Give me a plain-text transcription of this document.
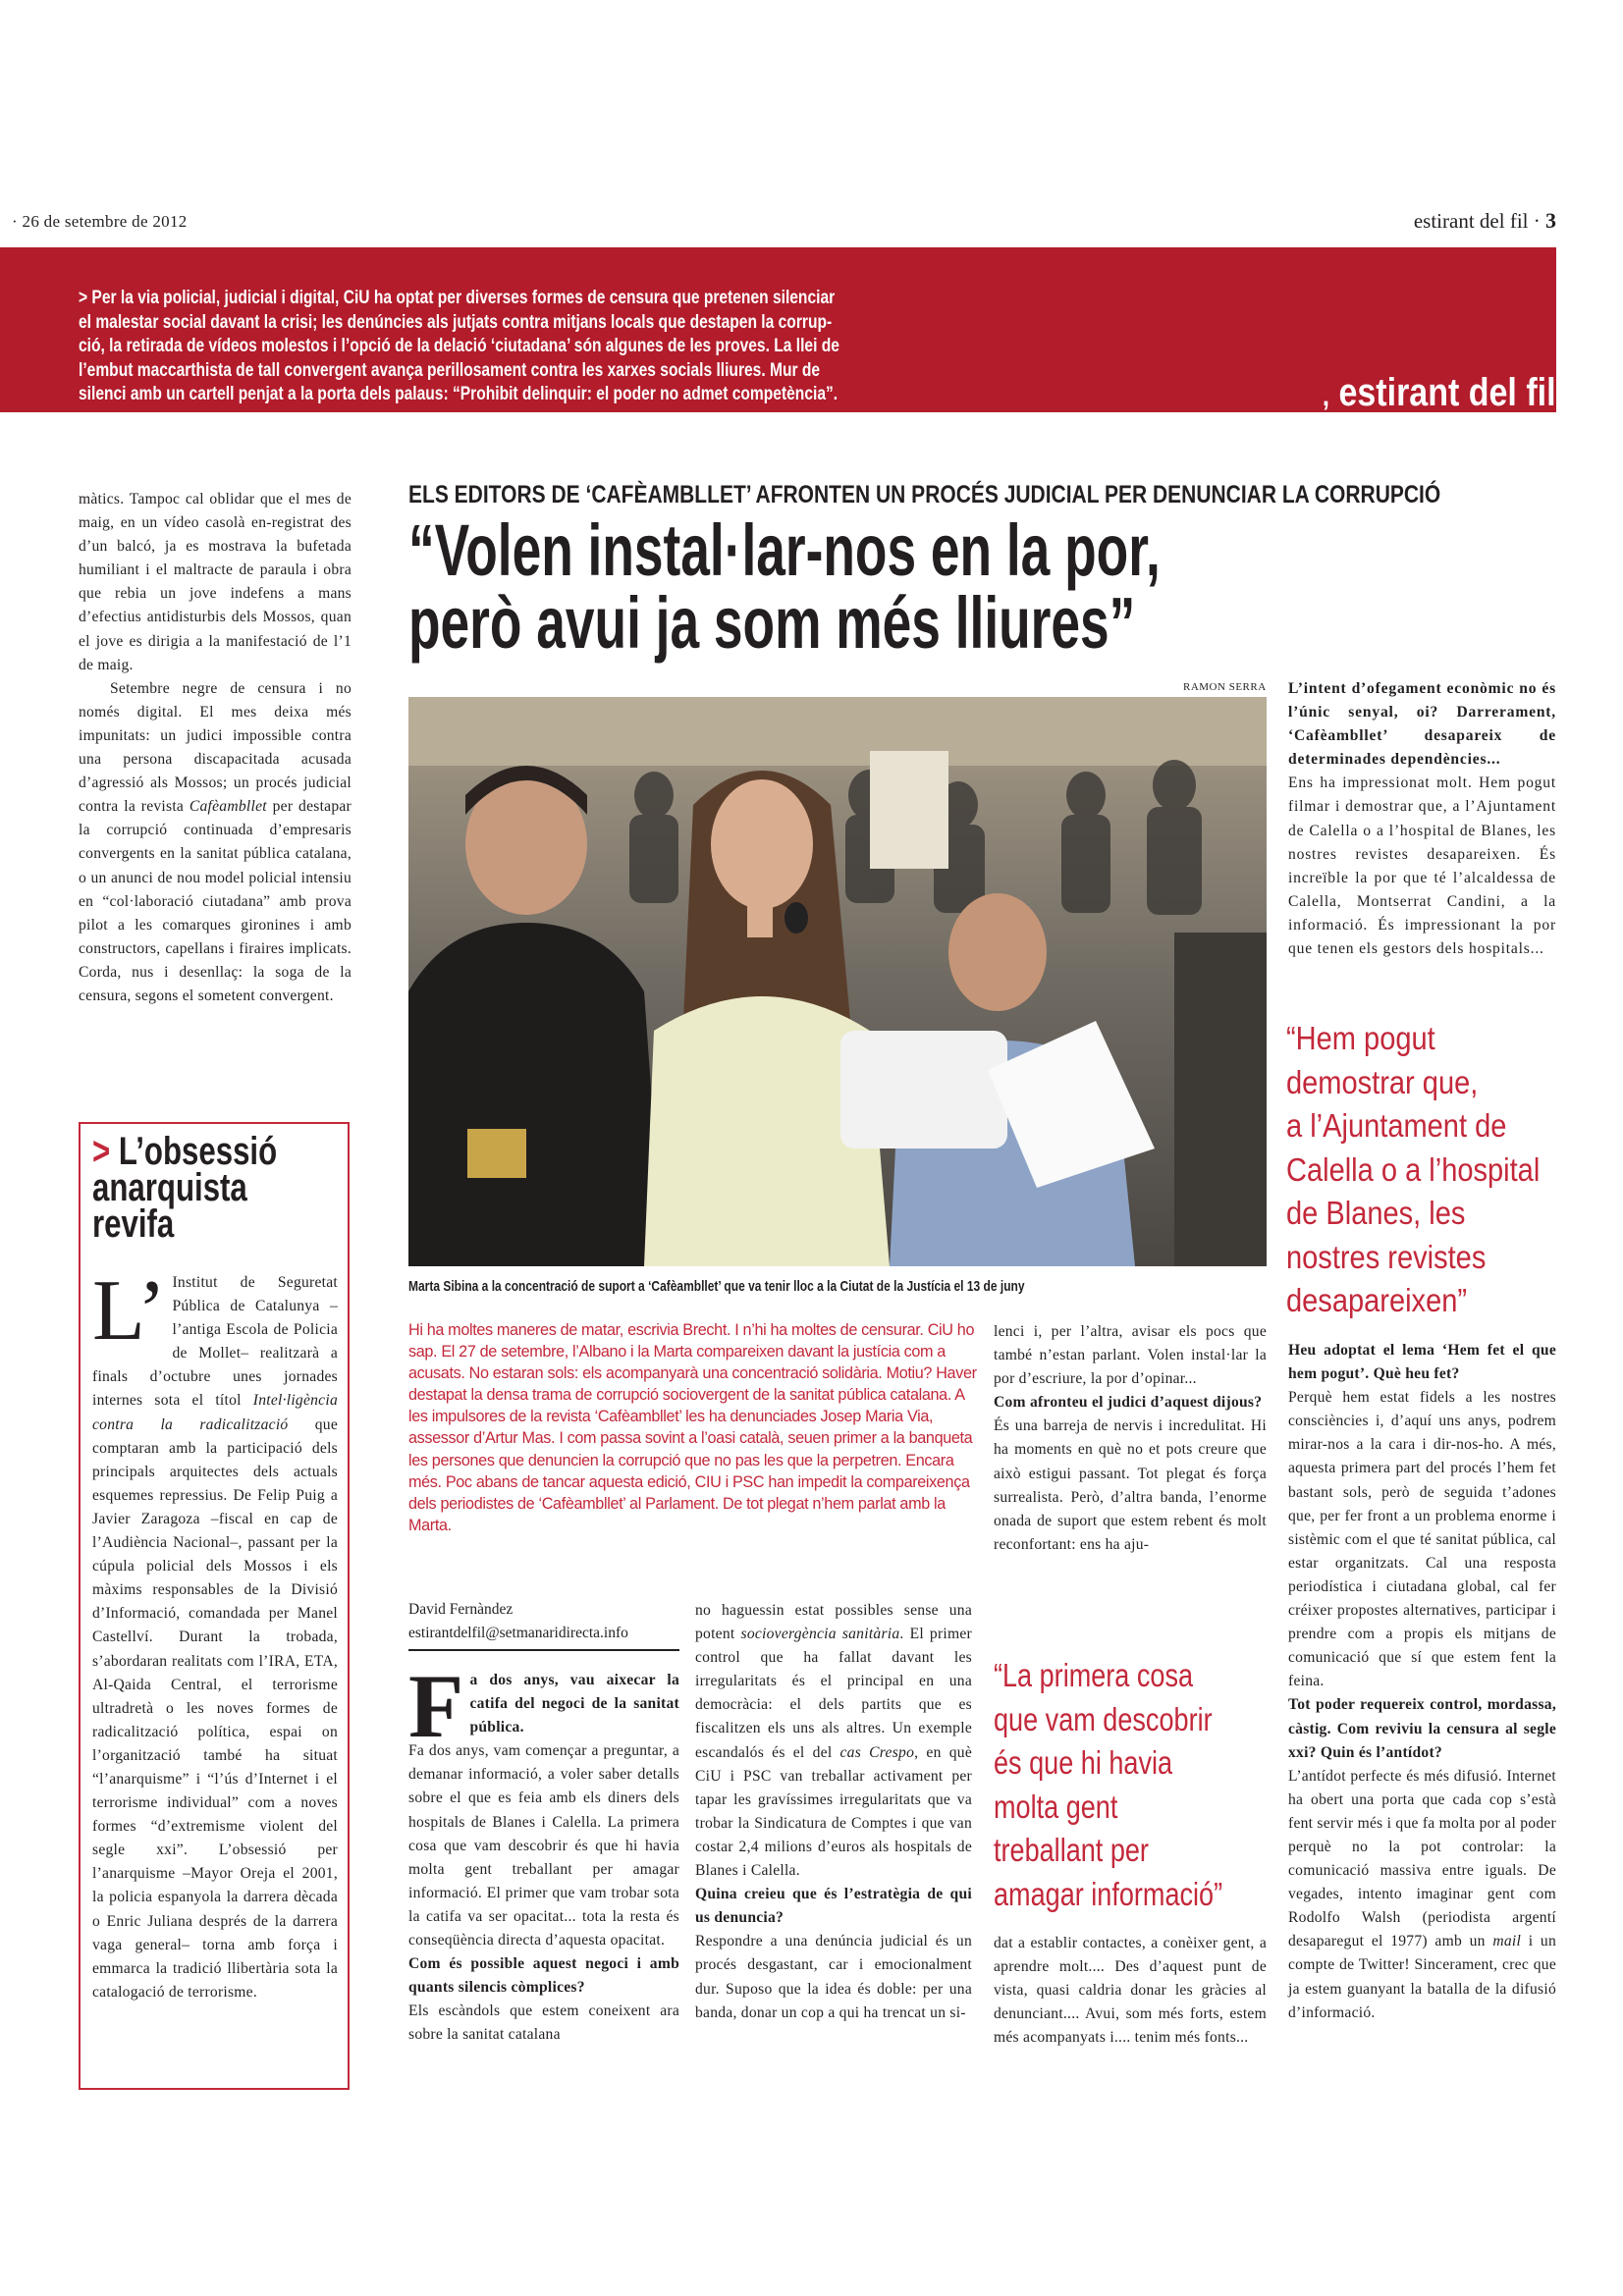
· 26 de setembre de 2012	estirant del fil · 3
> Per la via policial, judicial i digital, CiU ha optat per diverses formes de censura que pretenen silenciar
el malestar social davant la crisi; les denúncies als jutjats contra mitjans locals que destapen la corrup-
ció, la retirada de vídeos molestos i l’opció de la delació ‘ciutadana’ són algunes de les proves. La llei de
l’embut maccarthista de tall convergent avança perillosament contra les xarxes socials lliures. Mur de
silenci amb un cartell penjat a la porta dels palaus: “Prohibit delinquir: el poder no admet competència”.	, estirant del fil

màtics. Tampoc cal oblidar que el mes de maig, en un vídeo casolà en-registrat des d’un balcó, ja es mostrava la bufetada humiliant i el maltracte de paraula i obra que rebia un jove indefens a mans d’efectius antidisturbis dels Mossos, quan el jove es dirigia a la manifestació de l’1 de maig.

Setembre negre de censura i no només digital. El mes deixa més impunitats: un judici impossible contra una persona discapacitada acusada d’agressió als Mossos; un procés judicial contra la revista Cafèambllet per destapar la corrupció continuada d’empresaris convergents en la sanitat pública catalana, o un anunci de nou model policial intensiu en “col·laboració ciutadana” amb prova pilot a les comarques gironines i amb constructors, capellans i firaires implicats. Corda, nus i desenllaç: la soga de la censura, segons el sometent convergent.

> L’obsessió
anarquista
revifa
L’ Institut de Seguretat Pública de Catalunya –l’antiga Escola de Policia de Mollet– realitzarà a finals d’octubre unes jornades internes sota el títol Intel·ligència contra la radicalització que comptaran amb la participació dels principals arquitectes dels actuals esquemes repressius. De Felip Puig a Javier Zaragoza –fiscal en cap de l’Audiència Nacional–, passant per la cúpula policial dels Mossos i els màxims responsables de la Divisió d’Informació, comandada per Manel Castellví. Durant la trobada, s’abordaran realitats com l’IRA, ETA, Al-Qaida Central, el terrorisme ultradretà o les noves formes de radicalització política, espai on l’organització també ha situat “l’anarquisme” i “l’ús d’Internet i el terrorisme individual” com a noves formes “d’extremisme violent del segle xxi”. L’obsessió per l’anarquisme –Mayor Oreja el 2001, la policia espanyola la darrera dècada o Enric Juliana després de la darrera vaga general– torna amb força i emmarca la tradició llibertària sota la catalogació de terrorisme.

ELS EDITORS DE ‘CAFÈAMBLLET’ AFRONTEN UN PROCÉS JUDICIAL PER DENUNCIAR LA CORRUPCIÓ
“Volen instal·lar-nos en la por,
però avui ja som més lliures”
RAMON SERRA
Marta Sibina a la concentració de suport a ‘Cafèambllet’ que va tenir lloc a la Ciutat de la Justícia el 13 de juny
Hi ha moltes maneres de matar, escrivia Brecht. I n’hi ha moltes de censurar. CiU ho sap. El 27 de setembre, l’Albano i la Marta compareixen davant la justícia com a acusats. No estaran sols: els acompanyarà una concentració solidària. Motiu? Haver destapat la densa trama de corrupció sociovergent de la sanitat pública catalana. A les impulsores de la revista ‘Cafèambllet’ les ha denunciades Josep Maria Via, assessor d’Artur Mas. I com passa sovint a l’oasi català, seuen primer a la banqueta les persones que denuncien la corrupció que no pas les que la perpetren. Encara més. Poc abans de tancar aquesta edició, CIU i PSC han impedit la compareixença dels periodistes de ‘Cafèambllet’ al Parlament. De tot plegat n’hem parlat amb la Marta.
David Fernàndez
estirantdelfil@setmanaridirecta.info
F a dos anys, vau aixecar la catifa del negoci de la sanitat pública.

Fa dos anys, vam començar a preguntar, a demanar informació, a voler saber detalls sobre el que es feia amb els diners dels hospitals de Blanes i Calella. La primera cosa que vam descobrir és que hi havia molta gent treballant per amagar informació. El primer que vam trobar sota la catifa va ser opacitat... tota la resta és conseqüència directa d’aquesta opacitat.

Com és possible aquest negoci i amb quants silencis còmplices?

Els escàndols que estem coneixent ara sobre la sanitat catalana

no haguessin estat possibles sense una potent sociovergència sanitària. El primer control que ha fallat davant les irregularitats és el principal en una democràcia: el dels partits que es fiscalitzen els uns als altres. Un exemple escandalós és el del cas Crespo, en què CiU i PSC van treballar activament per tapar les gravíssimes irregularitats que va trobar la Sindicatura de Comptes i que van costar 2,4 milions d’euros als hospitals de Blanes i Calella.

Quina creieu que és l’estratègia de qui us denuncia?

Respondre a una denúncia judicial és un procés desgastant, car i emocionalment dur. Suposo que la idea és doble: per una banda, donar un cop a qui ha trencat un si-

lenci i, per l’altra, avisar els pocs que també n’estan parlant. Volen instal·lar la por d’escriure, la por d’opinar...

Com afronteu el judici d’aquest dijous?

És una barreja de nervis i incredulitat. Hi ha moments en què no et pots creure que això estigui passant. Tot plegat és força surrealista. Però, d’altra banda, l’enorme onada de suport que estem rebent és molt reconfortant: ens ha aju-

“La primera cosa
que vam descobrir
és que hi havia
molta gent
treballant per
amagar informació”

dat a establir contactes, a conèixer gent, a aprendre molt.... Des d’aquest punt de vista, quasi caldria donar les gràcies al denunciant.... Avui, som més forts, estem més acompanyats i.... tenim més fonts...

L’intent d’ofegament econòmic no és l’únic senyal, oi? Darrerament, ‘Cafèambllet’ desapareix de determinades dependències...

Ens ha impressionat molt. Hem pogut filmar i demostrar que, a l’Ajuntament de Calella o a l’hospital de Blanes, les nostres revistes desapareixen. És increïble la por que té l’alcaldessa de Calella, Montserrat Candini, a la informació. És impressionant la por que tenen els gestors dels hospitals...

“Hem pogut
demostrar que,
a l’Ajuntament de
Calella o a l’hospital
de Blanes, les
nostres revistes
desapareixen”

Heu adoptat el lema ‘Hem fet el que hem pogut’. Què heu fet?

Perquè hem estat fidels a les nostres consciències i, d’aquí uns anys, podrem mirar-nos a la cara i dir-nos-ho. A més, aquesta primera part del procés l’hem fet bastant sols, però de seguida t’adones que, per fer front a un problema enorme i sistèmic com el que té sanitat pública, cal estar organitzats. Cal una resposta periodística i ciutadana global, cal fer créixer propostes alternatives, participar i prendre com a propis els mitjans de comunicació que sí que estem fent la feina.

Tot poder requereix control, mordassa, càstig. Com reviviu la censura al segle xxi? Quin és l’antídot?

L’antídot perfecte és més difusió. Internet ha obert una porta que cada cop s’està fent servir més i que fa molta por al poder perquè no la pot controlar: la comunicació massiva entre iguals. De vegades, intento imaginar gent com Rodolfo Walsh (periodista argentí desaparegut el 1977) amb un mail i un compte de Twitter! Sincerament, crec que ja estem guanyant la batalla de la difusió d’informació.
